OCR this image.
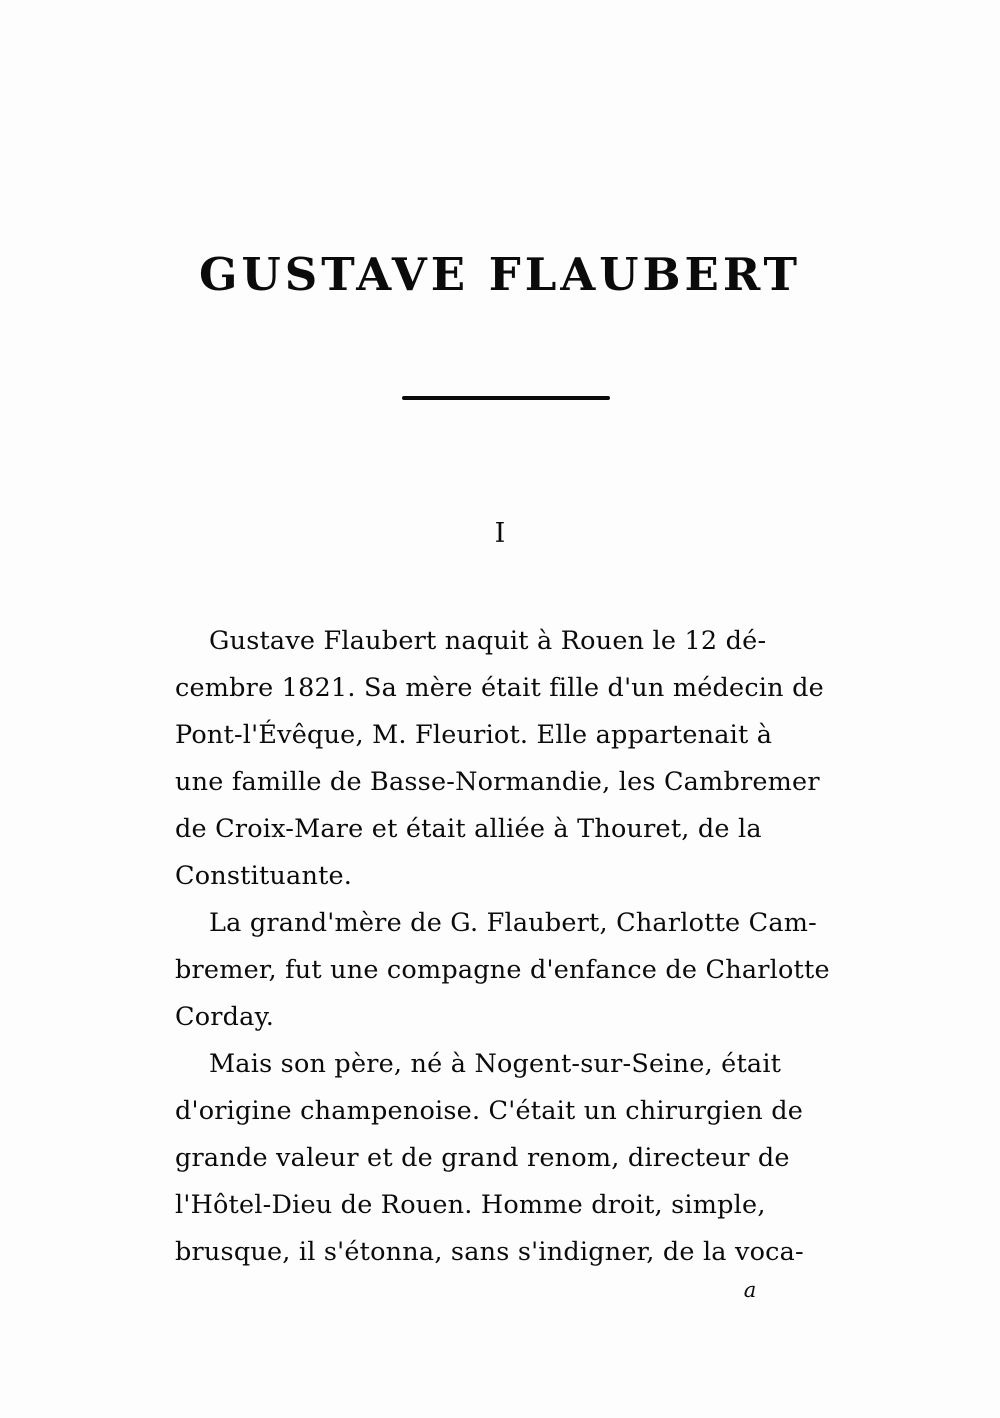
GUSTAVE FLAUBERT
I

Gustave Flaubert naquit à Rouen le 12 dé-
cembre 1821. Sa mère était fille d'un médecin de
Pont-l'Évêque, M. Fleuriot. Elle appartenait à
une famille de Basse-Normandie, les Cambremer
de Croix-Mare et était alliée à Thouret, de la
Constituante.

La grand'mère de G. Flaubert, Charlotte Cam-
bremer, fut une compagne d'enfance de Charlotte
Corday.

Mais son père, né à Nogent-sur-Seine, était
d'origine champenoise. C'était un chirurgien de
grande valeur et de grand renom, directeur de
l'Hôtel-Dieu de Rouen. Homme droit, simple,
brusque, il s'étonna, sans s'indigner, de la voca-

a
